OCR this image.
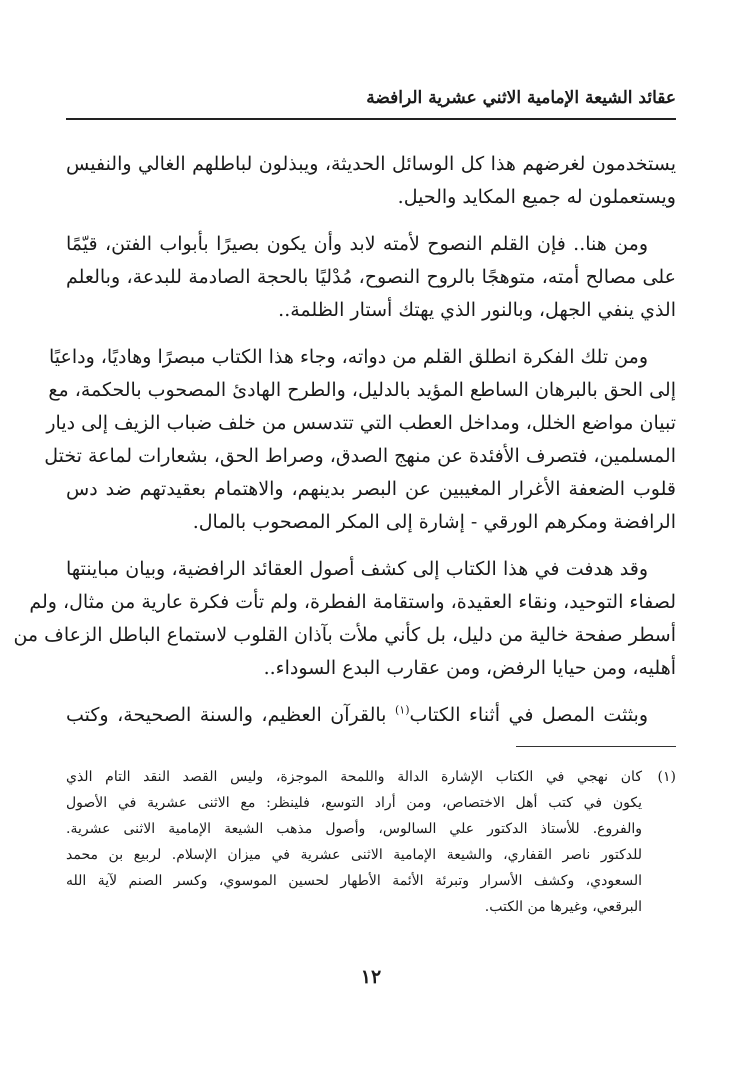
عقائد الشيعة الإمامية الاثني عشرية الرافضة

يستخدمون لغرضهم هذا كل الوسائل الحديثة، ويبذلون لباطلهم الغالي والنفيس
ويستعملون له جميع المكايد والحيل.

ومن هنا.. فإن القلم النصوح لأمته لابد وأن يكون بصيرًا بأبواب الفتن، قيّمًا
على مصالح أمته، متوهجًا بالروح النصوح، مُدْليًا بالحجة الصادمة للبدعة، وبالعلم
الذي ينفي الجهل، وبالنور الذي يهتك أستار الظلمة..

ومن تلك الفكرة انطلق القلم من دواته، وجاء هذا الكتاب مبصرًا وهاديًا، وداعيًا
إلى الحق بالبرهان الساطع المؤيد بالدليل، والطرح الهادئ المصحوب بالحكمة، مع
تبيان مواضع الخلل، ومداخل العطب التي تتدسس من خلف ضباب الزيف إلى ديار
المسلمين، فتصرف الأفئدة عن منهج الصدق، وصراط الحق، بشعارات لماعة تختل
قلوب الضعفة الأغرار المغيبين عن البصر بدينهم، والاهتمام بعقيدتهم ضد دس
الرافضة ومكرهم الورقي - إشارة إلى المكر المصحوب بالمال.

وقد هدفت في هذا الكتاب إلى كشف أصول العقائد الرافضية، وبيان مباينتها
لصفاء التوحيد، ونقاء العقيدة، واستقامة الفطرة، ولم تأت فكرة عارية من مثال، ولم
أسطر صفحة خالية من دليل، بل كأني ملأت بآذان القلوب لاستماع الباطل الزعاف من
أهليه، ومن حيايا الرفض، ومن عقارب البدع السوداء..

وبثثت المصل في أثناء الكتاب$^{(١)}$ بالقرآن العظيم، والسنة الصحيحة، وكتب

(١)كان نهجي في الكتاب الإشارة الدالة واللمحة الموجزة، وليس القصد النقد التام الذي
يكون في كتب أهل الاختصاص، ومن أراد التوسع، فلينظر: مع الاثنى عشرية في الأصول
والفروع. للأستاذ الدكتور علي السالوس، وأصول مذهب الشيعة الإمامية الاثنى عشرية.
للدكتور ناصر القفاري، والشيعة الإمامية الاثنى عشرية في ميزان الإسلام. لربيع بن محمد
السعودي، وكشف الأسرار وتبرئة الأئمة الأطهار لحسين الموسوي، وكسر الصنم لآية الله
البرقعي، وغيرها من الكتب.
١٢
